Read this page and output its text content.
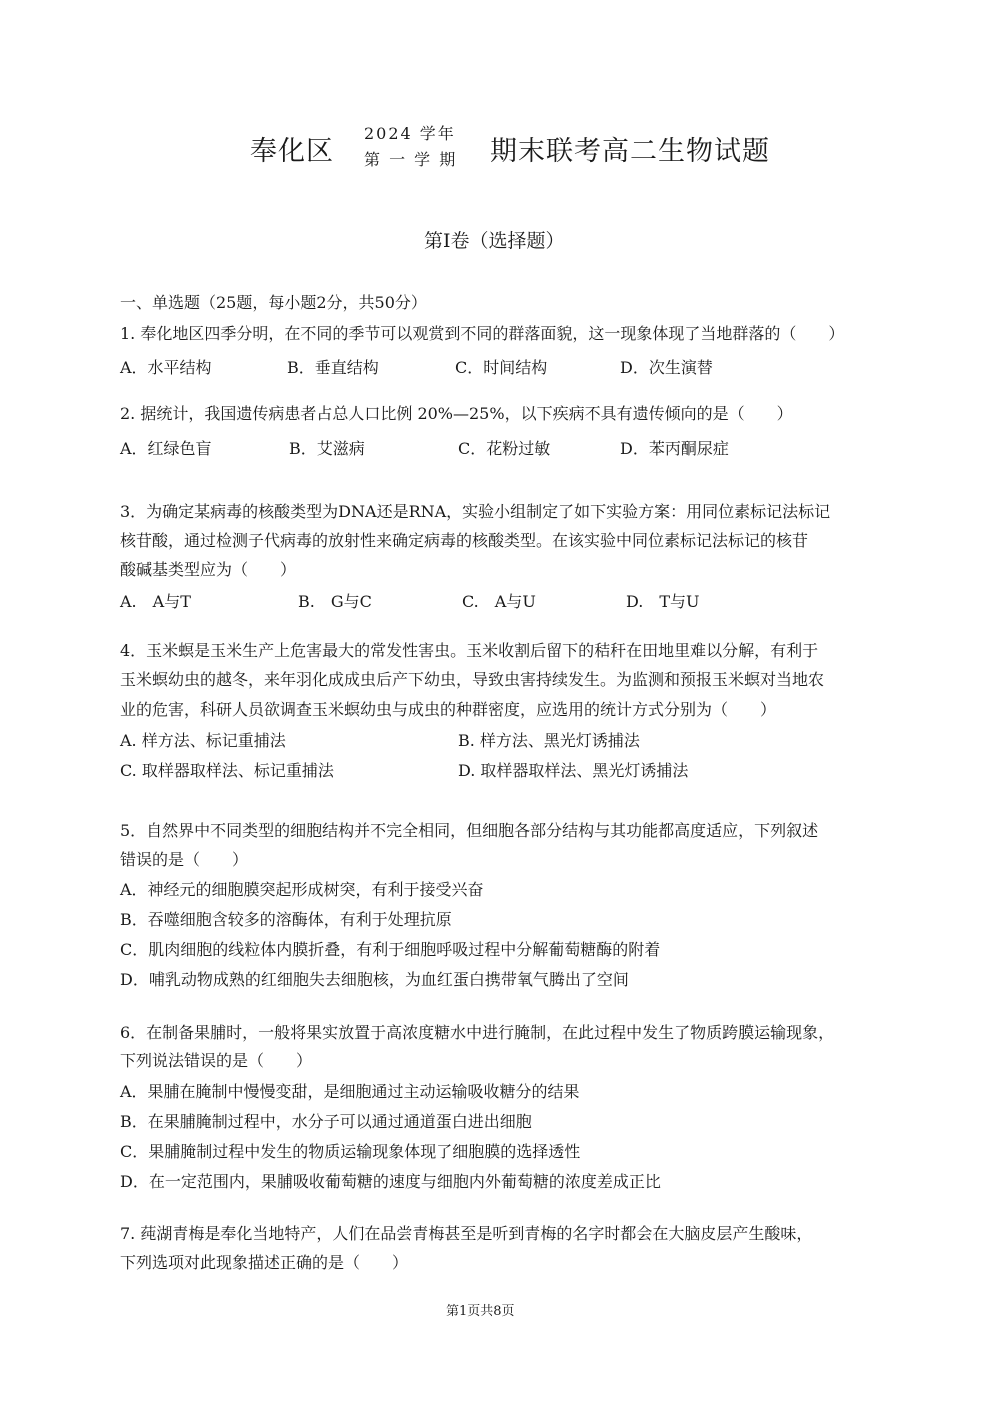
奉化区
2024 学年
第 一 学 期 期末联考高二生物试题
第Ⅰ卷（选择题）
一、单选题（25题，每小题2分，共50分）
1. 奉化地区四季分明，在不同的季节可以观赏到不同的群落面貌，这一现象体现了当地群落的（　　）
A．水平结构	B．垂直结构	C．时间结构	D．次生演替
2. 据统计，我国遗传病患者占总人口比例 20%—25%，以下疾病不具有遗传倾向的是（　　）
A．红绿色盲	B．艾滋病	C．花粉过敏	D．苯丙酮尿症
3．为确定某病毒的核酸类型为DNA还是RNA，实验小组制定了如下实验方案：用同位素标记法标记
核苷酸，通过检测子代病毒的放射性来确定病毒的核酸类型。在该实验中同位素标记法标记的核苷
酸碱基类型应为（　　）
A.　A与T	B.　G与C	C.　A与U	D.　T与U
4．玉米螟是玉米生产上危害最大的常发性害虫。玉米收割后留下的秸秆在田地里难以分解，有利于
玉米螟幼虫的越冬，来年羽化成成虫后产下幼虫，导致虫害持续发生。为监测和预报玉米螟对当地农
业的危害，科研人员欲调查玉米螟幼虫与成虫的种群密度，应选用的统计方式分别为（　　）
A. 样方法、标记重捕法	B. 样方法、黑光灯诱捕法
C. 取样器取样法、标记重捕法	D. 取样器取样法、黑光灯诱捕法
5．自然界中不同类型的细胞结构并不完全相同，但细胞各部分结构与其功能都高度适应，下列叙述
错误的是（　　）
A．神经元的细胞膜突起形成树突，有利于接受兴奋
B．吞噬细胞含较多的溶酶体，有利于处理抗原
C．肌肉细胞的线粒体内膜折叠，有利于细胞呼吸过程中分解葡萄糖酶的附着
D．哺乳动物成熟的红细胞失去细胞核，为血红蛋白携带氧气腾出了空间
6．在制备果脯时，一般将果实放置于高浓度糖水中进行腌制，在此过程中发生了物质跨膜运输现象，
下列说法错误的是（　　）
A．果脯在腌制中慢慢变甜，是细胞通过主动运输吸收糖分的结果
B．在果脯腌制过程中，水分子可以通过通道蛋白进出细胞
C．果脯腌制过程中发生的物质运输现象体现了细胞膜的选择透性
D．在一定范围内，果脯吸收葡萄糖的速度与细胞内外葡萄糖的浓度差成正比
7. 莼湖青梅是奉化当地特产，人们在品尝青梅甚至是听到青梅的名字时都会在大脑皮层产生酸味，
下列选项对此现象描述正确的是（　　）
第1页共8页
